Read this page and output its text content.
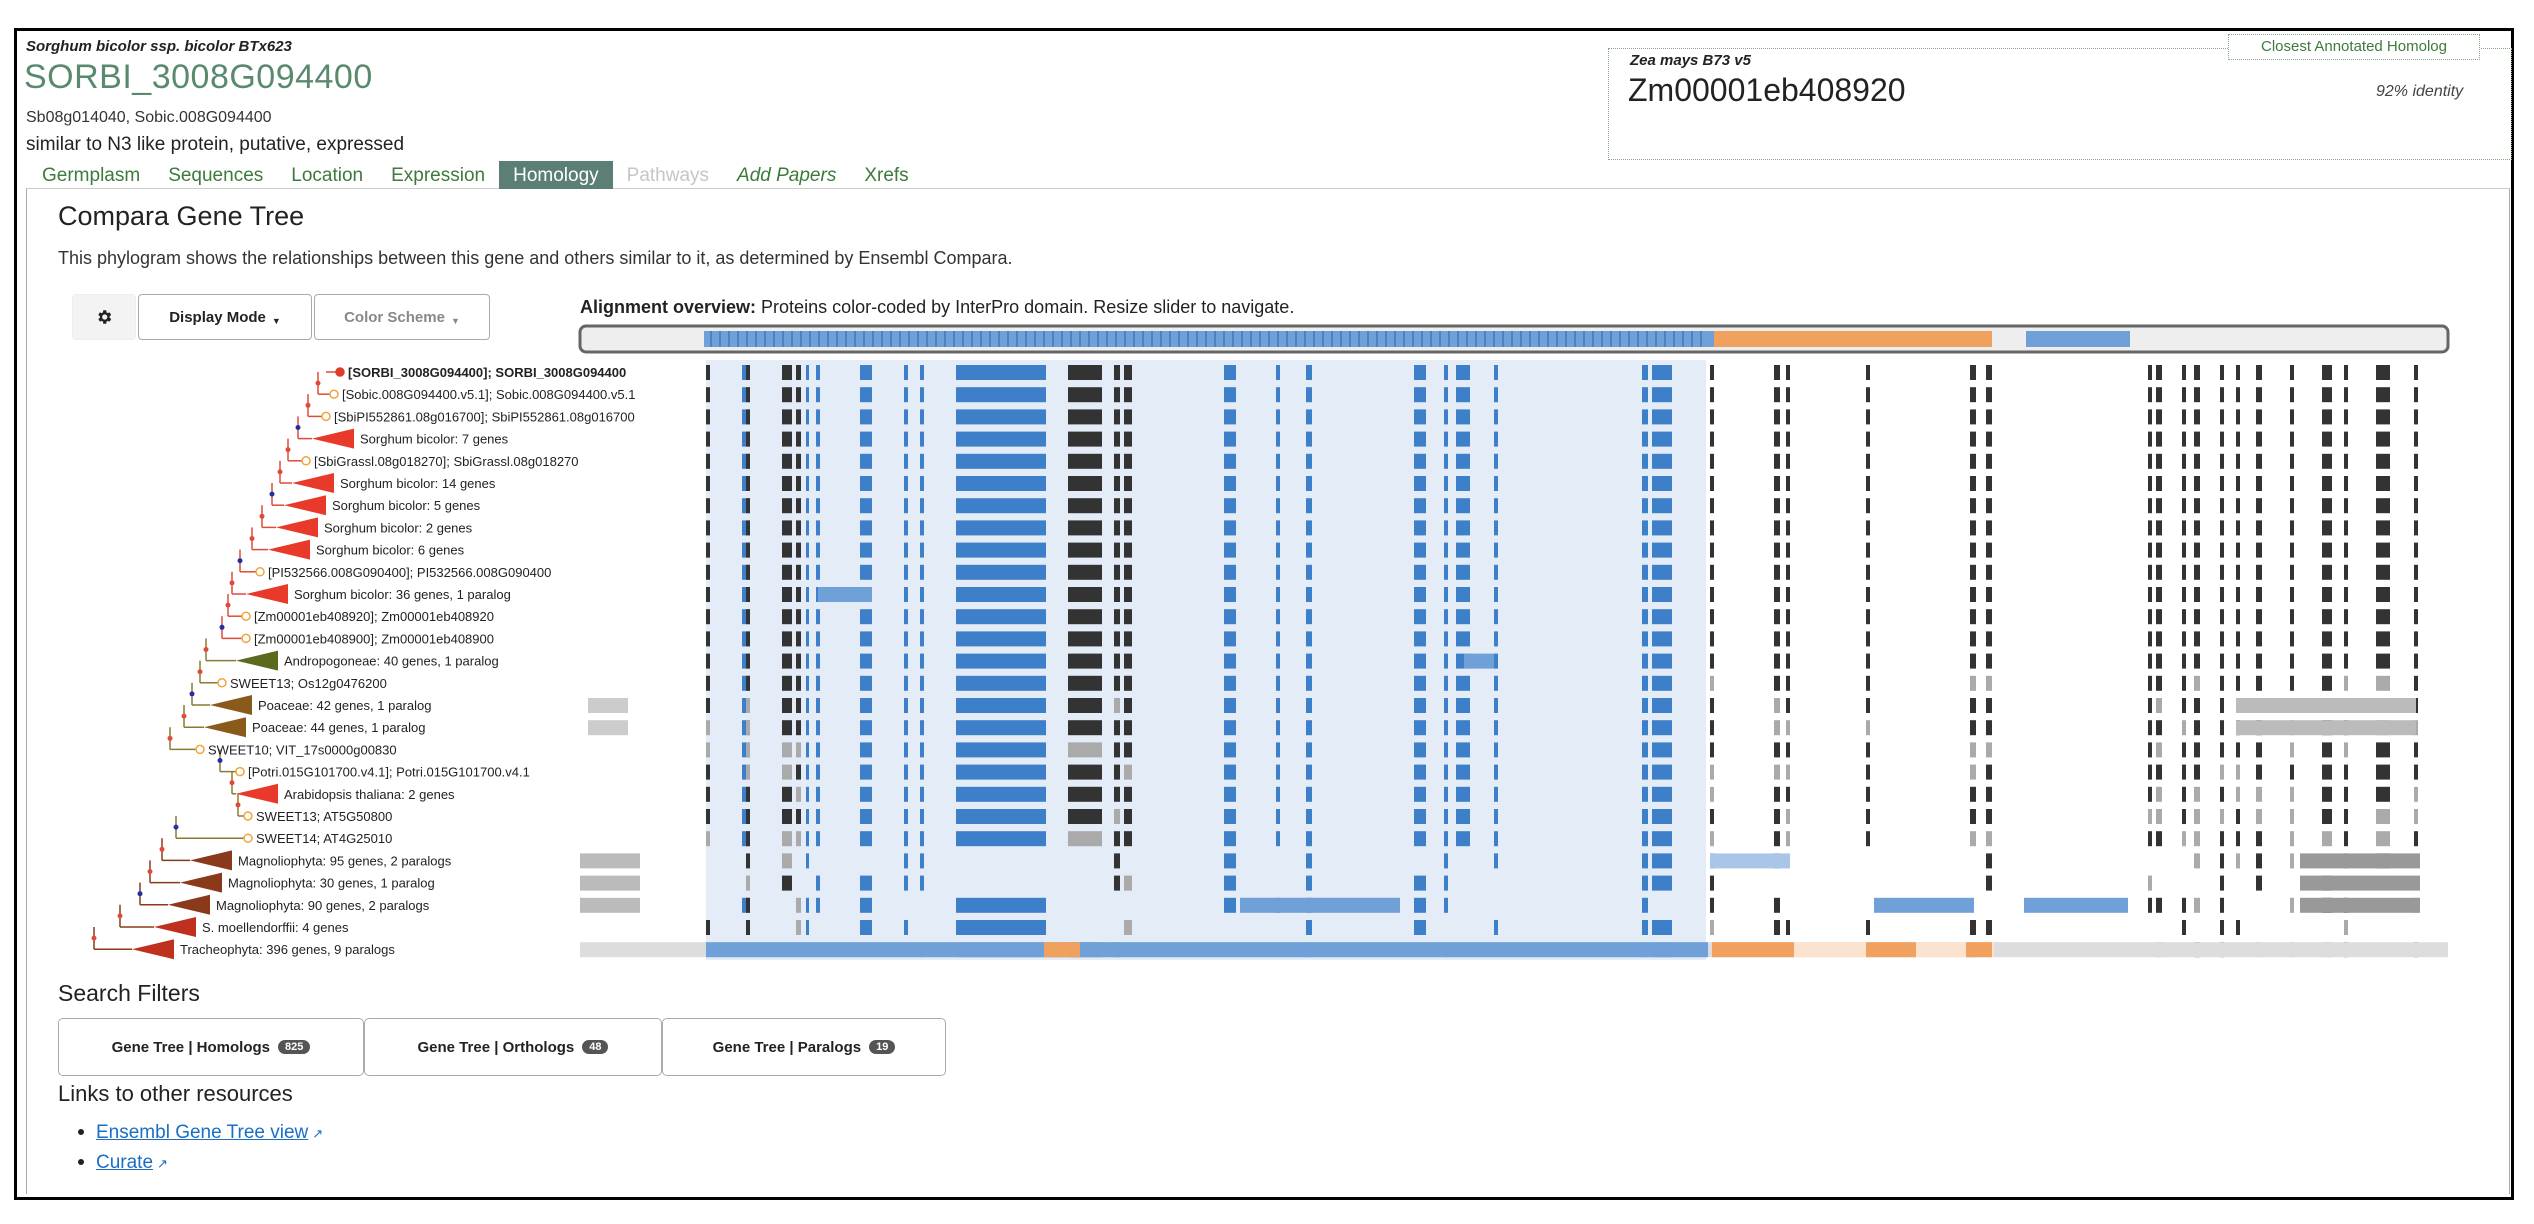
Sorghum bicolor ssp. bicolor BTx623
SORBI_3008G094400
Sb08g014040, Sobic.008G094400
similar to N3 like protein, putative, expressed
Closest Annotated Homolog
Zea mays B73 v5
Zm00001eb408920	92% identity
Germplasm	Sequences	Location	Expression	Homology	Pathways	Add Papers	Xrefs
Compara Gene Tree
This phylogram shows the relationships between this gene and others similar to it, as determined by Ensembl Compara.
Display Mode ▼	Color Scheme ▼
Alignment overview: Proteins color-coded by InterPro domain. Resize slider to navigate.
[SORBI_3008G094400]; SORBI_3008G094400
[Sobic.008G094400.v5.1]; Sobic.008G094400.v5.1
[SbiPI552861.08g016700]; SbiPI552861.08g016700
Sorghum bicolor: 7 genes
[SbiGrassl.08g018270]; SbiGrassl.08g018270
Sorghum bicolor: 14 genes
Sorghum bicolor: 5 genes
Sorghum bicolor: 2 genes
Sorghum bicolor: 6 genes
[PI532566.008G090400]; PI532566.008G090400
Sorghum bicolor: 36 genes, 1 paralog
[Zm00001eb408920]; Zm00001eb408920
[Zm00001eb408900]; Zm00001eb408900
Andropogoneae: 40 genes, 1 paralog
SWEET13; Os12g0476200
Poaceae: 42 genes, 1 paralog
Poaceae: 44 genes, 1 paralog
SWEET10; VIT_17s0000g00830
[Potri.015G101700.v4.1]; Potri.015G101700.v4.1
Arabidopsis thaliana: 2 genes
SWEET13; AT5G50800
SWEET14; AT4G25010
Magnoliophyta: 95 genes, 2 paralogs
Magnoliophyta: 30 genes, 1 paralog
Magnoliophyta: 90 genes, 2 paralogs
S. moellendorffii: 4 genes
Tracheophyta: 396 genes, 9 paralogs
Search Filters
Gene Tree | Homologs	825	Gene Tree | Orthologs	48	Gene Tree | Paralogs	19
Links to other resources
Ensembl Gene Tree view ↗
Curate ↗
